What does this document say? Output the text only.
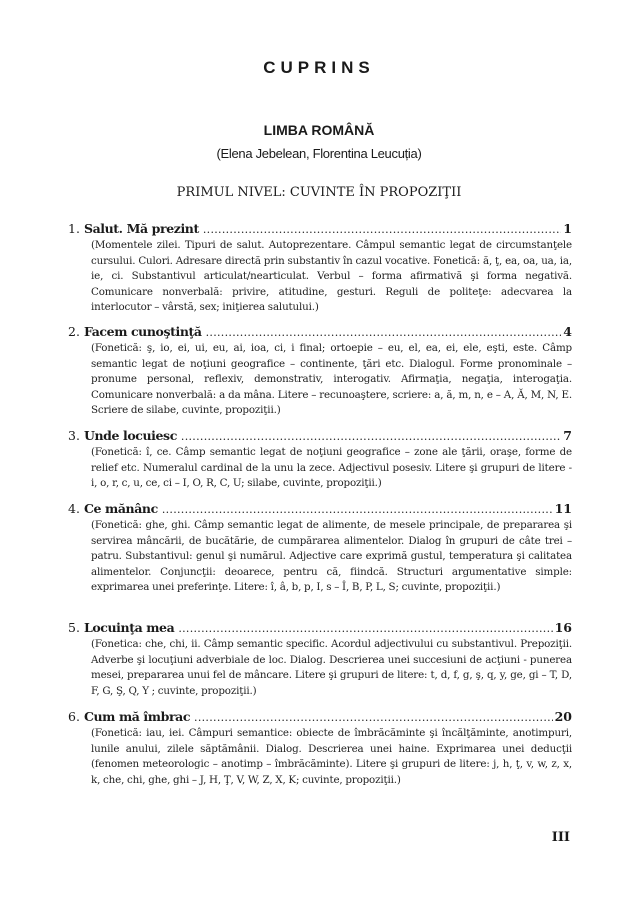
CUPRINS
LIMBA ROMÂNĂ
(Elena Jebelean, Florentina Leucuția)
PRIMUL NIVEL: CUVINTE ÎN PROPOZIŢII
1. Salut. Mă prezint .....	1
(Momentele zilei. Tipuri de salut. Autoprezentare. Câmpul semantic legat de circumstanţele cursului. Culori. Adresare directă prin substantiv în cazul vocative. Fonetică: ă, ţ, ea, oa, ua, ia, ie, ci. Substantivul articulat/nearticulat. Verbul – forma afirmativă şi forma negativă. Comunicare nonverbală: privire, atitudine, gesturi. Reguli de politeţe: adecvarea la interlocutor – vârstă, sex; iniţierea salutului.)
2. Facem cunoştinţă .....	4
(Fonetică: ş, io, ei, ui, eu, ai, ioa, ci, i final; ortoepie – eu, el, ea, ei, ele, eşti, este. Câmp semantic legat de noţiuni geografice – continente, ţări etc. Dialogul. Forme pronominale – pronume personal, reflexiv, demonstrativ, interogativ. Afirmaţia, negaţia, interogaţia. Comunicare nonverbală: a da mâna. Litere – recunoaştere, scriere: a, ă, m, n, e – A, Ă, M, N, E. Scriere de silabe, cuvinte, propoziţii.)
3. Unde locuiesc .....	7
(Fonetică: î, ce. Câmp semantic legat de noţiuni geografice – zone ale ţării, oraşe, forme de relief etc. Numeralul cardinal de la unu la zece. Adjectivul posesiv. Litere şi grupuri de litere - i, o, r, c, u, ce, ci – I, O, R, C, U; silabe, cuvinte, propoziţii.)
4. Ce mănânc .....	11
(Fonetică: ghe, ghi. Câmp semantic legat de alimente, de mesele principale, de prepararea şi servirea mâncării, de bucătărie, de cumpărarea alimentelor. Dialog în grupuri de câte trei – patru. Substantivul: genul şi numărul. Adjective care exprimă gustul, temperatura şi calitatea alimentelor. Conjuncţii: deoarece, pentru că, fiindcă. Structuri argumentative simple: exprimarea unei preferinţe. Litere: î, â, b, p, I, s – Î, B, P, L, S; cuvinte, propoziţii.)
5. Locuinţa mea .....	16
(Fonetica: che, chi, ii. Câmp semantic specific. Acordul adjectivului cu substantivul. Prepoziţii. Adverbe şi locuţiuni adverbiale de loc. Dialog. Descrierea unei succesiuni de acţiuni - punerea mesei, prepararea unui fel de mâncare. Litere şi grupuri de litere: t, d, f, g, ş, q, y, ge, gi – T, D, F, G, Ş, Q, Y ; cuvinte, propoziţii.)
6. Cum mă îmbrac .....	20
(Fonetică: iau, iei. Câmpuri semantice: obiecte de îmbrăcăminte şi încălţăminte, anotimpuri, lunile anului, zilele săptămânii. Dialog. Descrierea unei haine. Exprimarea unei deducţii (fenomen meteorologic – anotimp – îmbrăcăminte). Litere şi grupuri de litere: j, h, ţ, v, w, z, x, k, che, chi, ghe, ghi – J, H, Ţ, V, W, Z, X, K; cuvinte, propoziţii.)
III
